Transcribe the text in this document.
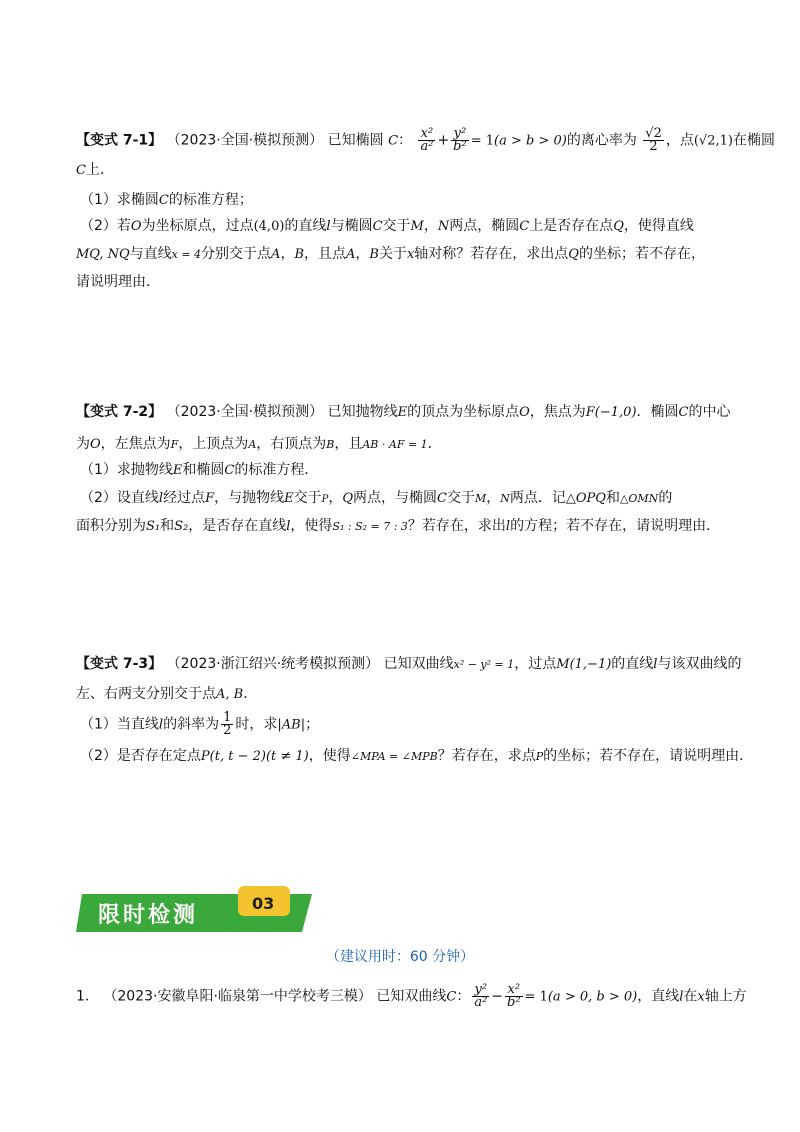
【变式 7-1】 （2023·全国·模拟预测） 已知椭圆 C： $\frac{\text{x²}}{\text{a²}} + \frac{\text{y²}}{\text{b²}} = 1(a > b > 0)$的离心率为 $\frac{√2}{2}$ ，点(√2,1)在椭圆
C上．
（1）求椭圆C的标准方程；
（2）若O为坐标原点，过点(4,0)的直线l与椭圆C交于M，N两点，椭圆C上是否存在点Q，使得直线
MQ, NQ与直线x = 4分别交于点A，B，且点A，B关于x轴对称？若存在，求出点Q的坐标；若不存在，
请说明理由．
【变式 7-2】 （2023·全国·模拟预测） 已知抛物线E的顶点为坐标原点O，焦点为F(−1,0)．椭圆C的中心
为O，左焦点为F，上顶点为A，右顶点为B，且AB · AF = 1．
（1）求抛物线E和椭圆C的标准方程．
（2）设直线l经过点F，与抛物线E交于P，Q两点，与椭圆C交于M，N两点．记△OPQ和△OMN的
面积分别为S₁和S₂，是否存在直线l，使得S₁ : S₂ = 7 : 3？若存在，求出l的方程；若不存在，请说明理由．
【变式 7-3】 （2023·浙江绍兴·统考模拟预测） 已知双曲线x² − y² = 1，过点M(1,−1)的直线l与该双曲线的
左、右两支分别交于点A, B．
（1）当直线l的斜率为 $\frac{1}{2}$ 时，求|AB|；
（2）是否存在定点P(t, t − 2)(t ≠ 1)，使得∠MPA = ∠MPB？若存在，求点P的坐标；若不存在，请说明理由．
限时检测	03
（建议用时：60 分钟）
1． （2023·安徽阜阳·临泉第一中学校考三模） 已知双曲线C： $\frac{\text{y²}}{\text{a²}} - \frac{\text{x²}}{\text{b²}} = 1(a > 0$, b > 0)，直线l在x轴上方
